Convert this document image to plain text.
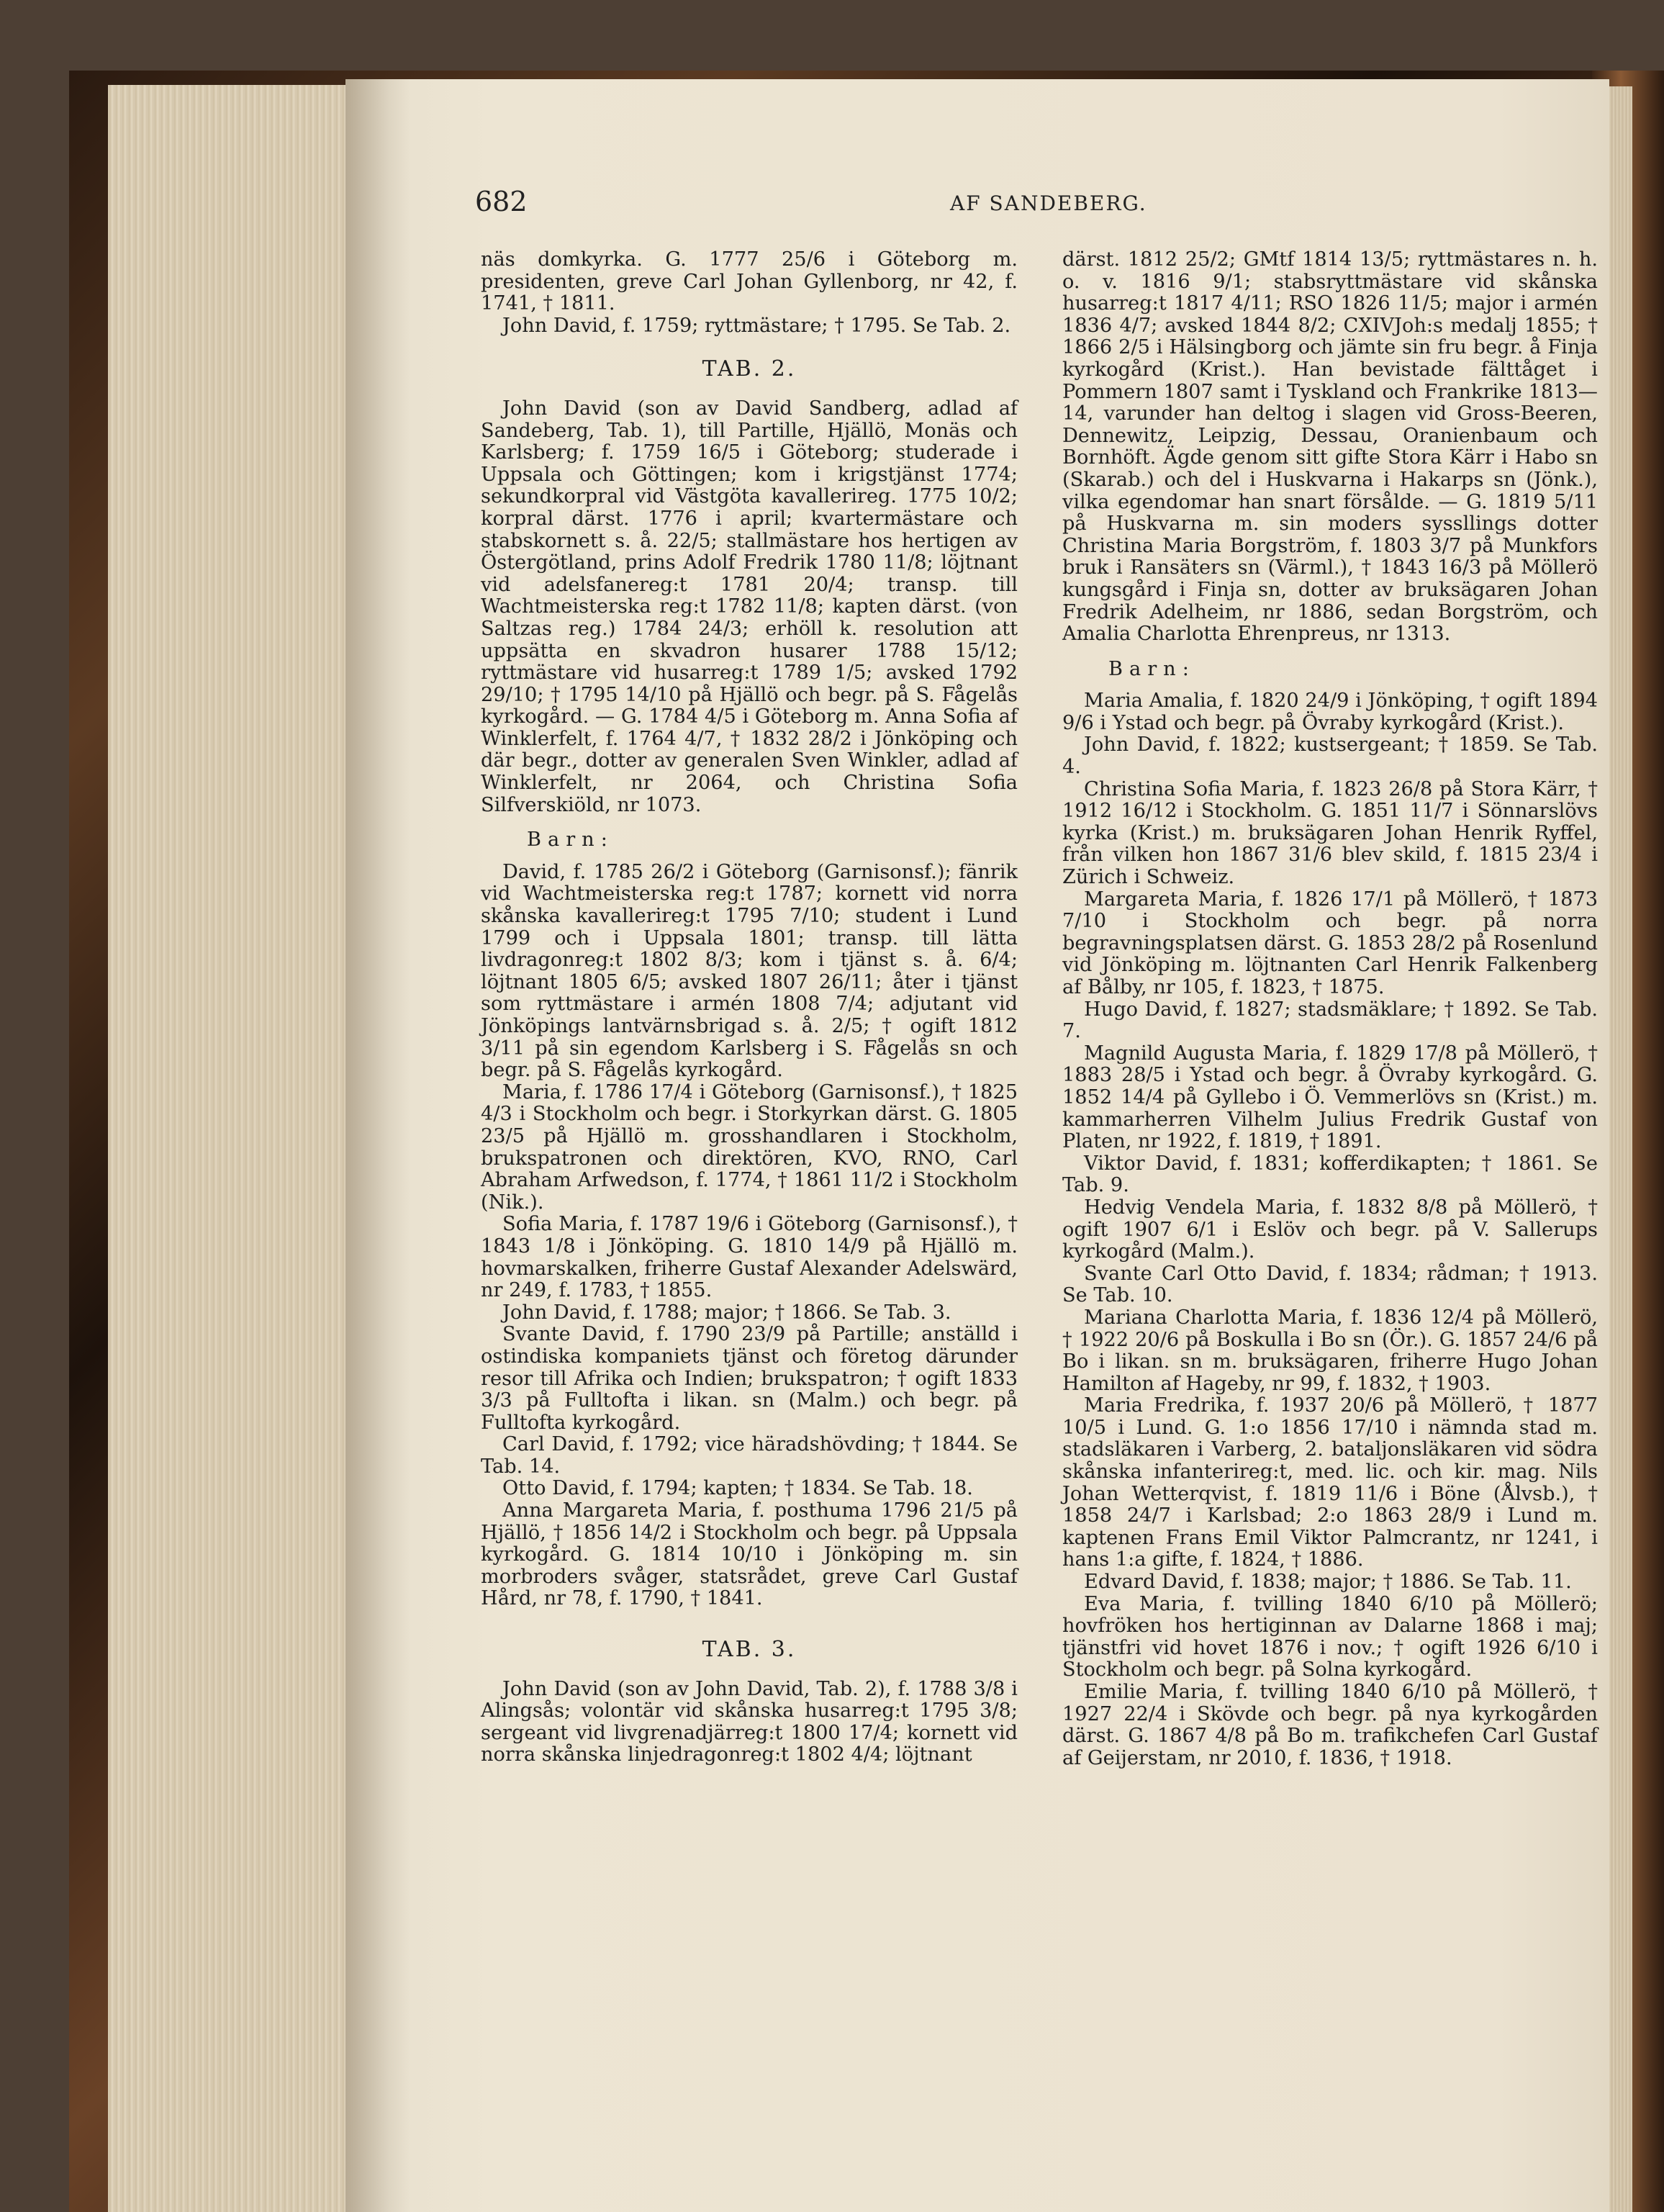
682	AF SANDEBERG.
näs domkyrka. G. 1777 25/6 i Göteborg m. presidenten, greve Carl Johan Gyllenborg, nr 42, f. 1741, † 1811.
John David, f. 1759; ryttmästare; † 1795. Se Tab. 2.
TAB. 2.
John David (son av David Sandberg, adlad af Sandeberg, Tab. 1), till Partille, Hjällö, Monäs och Karlsberg; f. 1759 16/5 i Göteborg; studerade i Uppsala och Göttingen; kom i krigstjänst 1774; sekundkorpral vid Västgöta kavallerireg. 1775 10/2; korpral därst. 1776 i april; kvartermästare och stabskornett s. å. 22/5; stallmästare hos hertigen av Östergötland, prins Adolf Fredrik 1780 11/8; löjtnant vid adelsfanereg:t 1781 20/4; transp. till Wachtmeisterska reg:t 1782 11/8; kapten därst. (von Saltzas reg.) 1784 24/3; erhöll k. resolution att uppsätta en skvadron husarer 1788 15/12; ryttmästare vid husarreg:t 1789 1/5; avsked 1792 29/10; † 1795 14/10 på Hjällö och begr. på S. Fågelås kyrkogård. — G. 1784 4/5 i Göteborg m. Anna Sofia af Winklerfelt, f. 1764 4/7, † 1832 28/2 i Jönköping och där begr., dotter av generalen Sven Winkler, adlad af Winklerfelt, nr 2064, och Christina Sofia Silfverskiöld, nr 1073.
Barn:
David, f. 1785 26/2 i Göteborg (Garnisonsf.); fänrik vid Wachtmeisterska reg:t 1787; kornett vid norra skånska kavallerireg:t 1795 7/10; student i Lund 1799 och i Uppsala 1801; transp. till lätta livdragonreg:t 1802 8/3; kom i tjänst s. å. 6/4; löjtnant 1805 6/5; avsked 1807 26/11; åter i tjänst som ryttmästare i armén 1808 7/4; adjutant vid Jönköpings lantvärnsbrigad s. å. 2/5; † ogift 1812 3/11 på sin egendom Karlsberg i S. Fågelås sn och begr. på S. Fågelås kyrkogård.
Maria, f. 1786 17/4 i Göteborg (Garnisonsf.), † 1825 4/3 i Stockholm och begr. i Storkyrkan därst. G. 1805 23/5 på Hjällö m. grosshandlaren i Stockholm, brukspatronen och direktören, KVO, RNO, Carl Abraham Arfwedson, f. 1774, † 1861 11/2 i Stockholm (Nik.).
Sofia Maria, f. 1787 19/6 i Göteborg (Garnisonsf.), † 1843 1/8 i Jönköping. G. 1810 14/9 på Hjällö m. hovmarskalken, friherre Gustaf Alexander Adelswärd, nr 249, f. 1783, † 1855.
John David, f. 1788; major; † 1866. Se Tab. 3.
Svante David, f. 1790 23/9 på Partille; anställd i ostindiska kompaniets tjänst och företog därunder resor till Afrika och Indien; brukspatron; † ogift 1833 3/3 på Fulltofta i likan. sn (Malm.) och begr. på Fulltofta kyrkogård.
Carl David, f. 1792; vice häradshövding; † 1844. Se Tab. 14.
Otto David, f. 1794; kapten; † 1834. Se Tab. 18.
Anna Margareta Maria, f. posthuma 1796 21/5 på Hjällö, † 1856 14/2 i Stockholm och begr. på Uppsala kyrkogård. G. 1814 10/10 i Jönköping m. sin morbroders svåger, statsrådet, greve Carl Gustaf Hård, nr 78, f. 1790, † 1841.
TAB. 3.
John David (son av John David, Tab. 2), f. 1788 3/8 i Alingsås; volontär vid skånska husarreg:t 1795 3/8; sergeant vid livgrenadjärreg:t 1800 17/4; kornett vid norra skånska linjedragonreg:t 1802 4/4; löjtnant
därst. 1812 25/2; GMtf 1814 13/5; ryttmästares n. h. o. v. 1816 9/1; stabsryttmästare vid skånska husarreg:t 1817 4/11; RSO 1826 11/5; major i armén 1836 4/7; avsked 1844 8/2; CXIVJoh:s medalj 1855; † 1866 2/5 i Hälsingborg och jämte sin fru begr. å Finja kyrkogård (Krist.). Han bevistade fälttåget i Pommern 1807 samt i Tyskland och Frankrike 1813—14, varunder han deltog i slagen vid Gross-Beeren, Dennewitz, Leipzig, Dessau, Oranienbaum och Bornhöft. Ägde genom sitt gifte Stora Kärr i Habo sn (Skarab.) och del i Huskvarna i Hakarps sn (Jönk.), vilka egendomar han snart försålde. — G. 1819 5/11 på Huskvarna m. sin moders syssllings dotter Christina Maria Borgström, f. 1803 3/7 på Munkfors bruk i Ransäters sn (Värml.), † 1843 16/3 på Möllerö kungsgård i Finja sn, dotter av bruksägaren Johan Fredrik Adelheim, nr 1886, sedan Borgström, och Amalia Charlotta Ehrenpreus, nr 1313.
Barn:
Maria Amalia, f. 1820 24/9 i Jönköping, † ogift 1894 9/6 i Ystad och begr. på Övraby kyrkogård (Krist.).
John David, f. 1822; kustsergeant; † 1859. Se Tab. 4.
Christina Sofia Maria, f. 1823 26/8 på Stora Kärr, † 1912 16/12 i Stockholm. G. 1851 11/7 i Sönnarslövs kyrka (Krist.) m. bruksägaren Johan Henrik Ryffel, från vilken hon 1867 31/6 blev skild, f. 1815 23/4 i Zürich i Schweiz.
Margareta Maria, f. 1826 17/1 på Möllerö, † 1873 7/10 i Stockholm och begr. på norra begravningsplatsen därst. G. 1853 28/2 på Rosenlund vid Jönköping m. löjtnanten Carl Henrik Falkenberg af Bålby, nr 105, f. 1823, † 1875.
Hugo David, f. 1827; stadsmäklare; † 1892. Se Tab. 7.
Magnild Augusta Maria, f. 1829 17/8 på Möllerö, † 1883 28/5 i Ystad och begr. å Övraby kyrkogård. G. 1852 14/4 på Gyllebo i Ö. Vemmerlövs sn (Krist.) m. kammarherren Vilhelm Julius Fredrik Gustaf von Platen, nr 1922, f. 1819, † 1891.
Viktor David, f. 1831; kofferdikapten; † 1861. Se Tab. 9.
Hedvig Vendela Maria, f. 1832 8/8 på Möllerö, † ogift 1907 6/1 i Eslöv och begr. på V. Sallerups kyrkogård (Malm.).
Svante Carl Otto David, f. 1834; rådman; † 1913. Se Tab. 10.
Mariana Charlotta Maria, f. 1836 12/4 på Möllerö, † 1922 20/6 på Boskulla i Bo sn (Ör.). G. 1857 24/6 på Bo i likan. sn m. bruksägaren, friherre Hugo Johan Hamilton af Hageby, nr 99, f. 1832, † 1903.
Maria Fredrika, f. 1937 20/6 på Möllerö, † 1877 10/5 i Lund. G. 1:o 1856 17/10 i nämnda stad m. stadsläkaren i Varberg, 2. bataljonsläkaren vid södra skånska infanterireg:t, med. lic. och kir. mag. Nils Johan Wetterqvist, f. 1819 11/6 i Böne (Ålvsb.), † 1858 24/7 i Karlsbad; 2:o 1863 28/9 i Lund m. kaptenen Frans Emil Viktor Palmcrantz, nr 1241, i hans 1:a gifte, f. 1824, † 1886.
Edvard David, f. 1838; major; † 1886. Se Tab. 11.
Eva Maria, f. tvilling 1840 6/10 på Möllerö; hovfröken hos hertiginnan av Dalarne 1868 i maj; tjänstfri vid hovet 1876 i nov.; † ogift 1926 6/10 i Stockholm och begr. på Solna kyrkogård.
Emilie Maria, f. tvilling 1840 6/10 på Möllerö, † 1927 22/4 i Skövde och begr. på nya kyrkogården därst. G. 1867 4/8 på Bo m. trafikchefen Carl Gustaf af Geijerstam, nr 2010, f. 1836, † 1918.
